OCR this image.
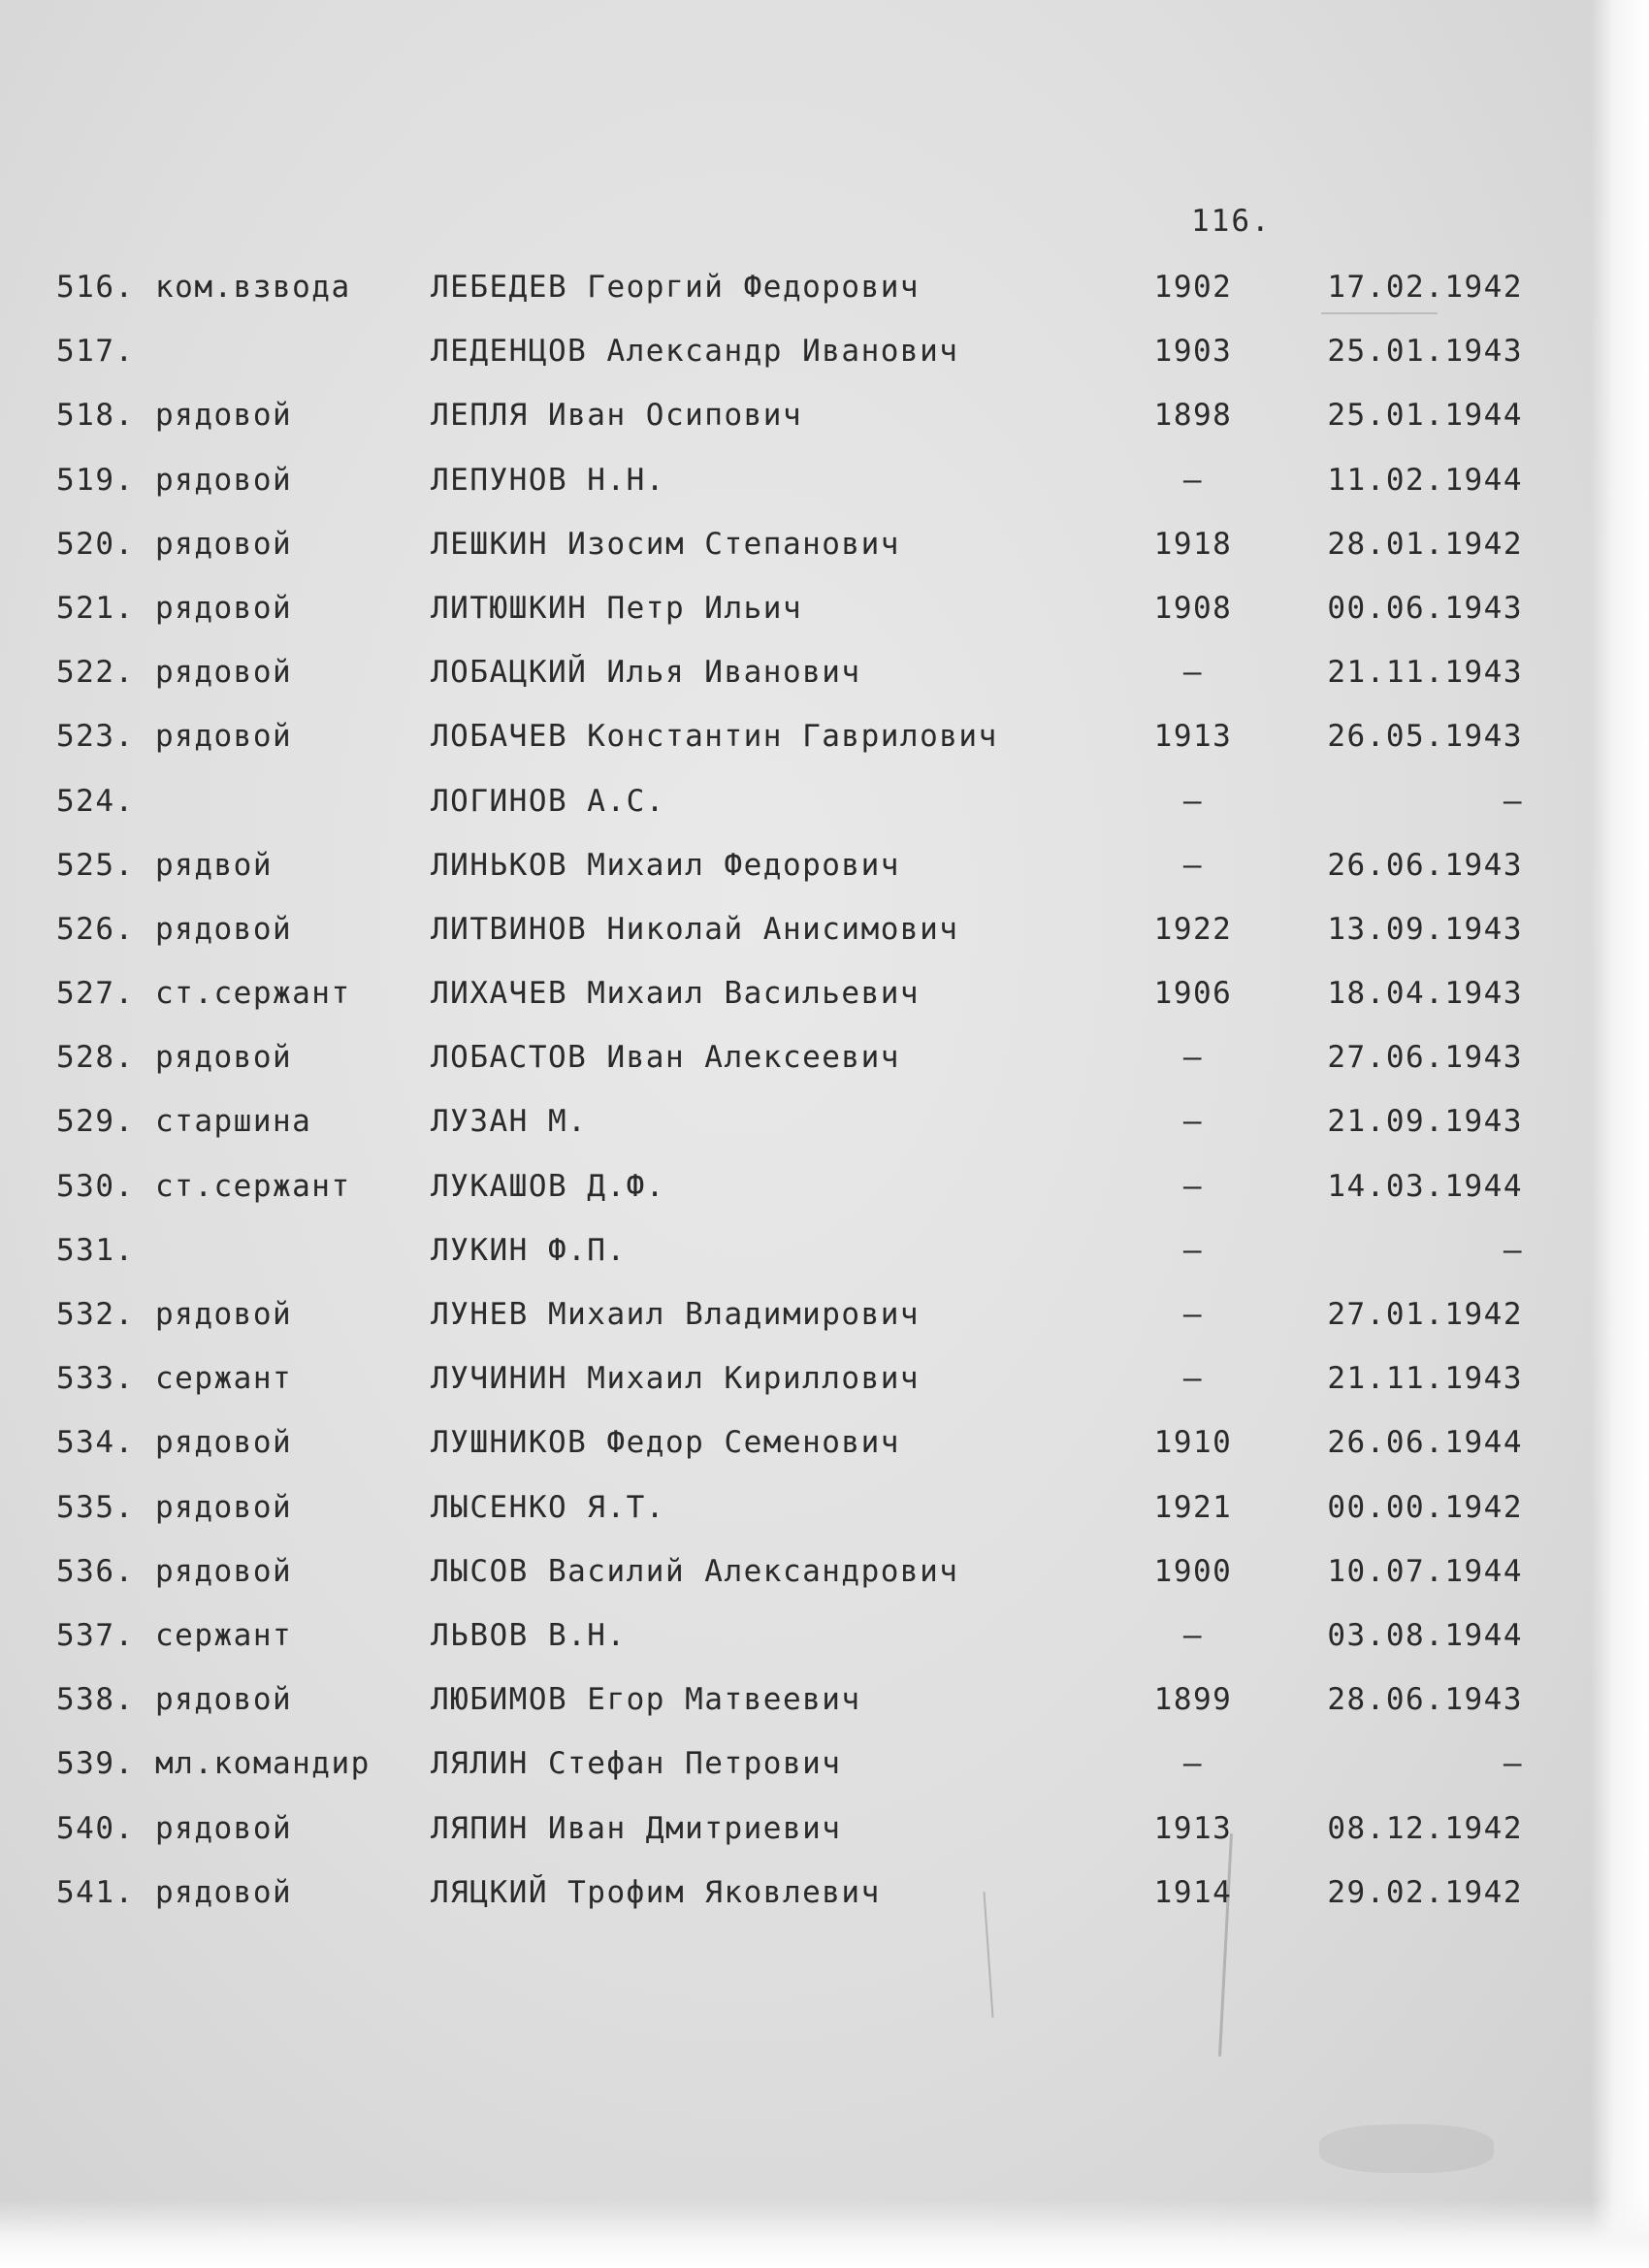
116.
516. ком.взвода	ЛЕБЕДЕВ Георгий Федорович	1902	17.02.1942
517.	ЛЕДЕНЦОВ Александр Иванович	1903	25.01.1943
518. рядовой	ЛЕПЛЯ Иван Осипович	1898	25.01.1944
519. рядовой	ЛЕПУНОВ Н.Н.	–	11.02.1944
520. рядовой	ЛЕШКИН Изосим Степанович	1918	28.01.1942
521. рядовой	ЛИТЮШКИН Петр Ильич	1908	00.06.1943
522. рядовой	ЛОБАЦКИЙ Илья Иванович	–	21.11.1943
523. рядовой	ЛОБАЧЕВ Константин Гаврилович	1913	26.05.1943
524.	ЛОГИНОВ А.С.	–	–
525. рядвой	ЛИНЬКОВ Михаил Федорович	–	26.06.1943
526. рядовой	ЛИТВИНОВ Николай Анисимович	1922	13.09.1943
527. ст.сержант	ЛИХАЧЕВ Михаил Васильевич	1906	18.04.1943
528. рядовой	ЛОБАСТОВ Иван Алексеевич	–	27.06.1943
529. старшина	ЛУЗАН М.	–	21.09.1943
530. ст.сержант	ЛУКАШОВ Д.Ф.	–	14.03.1944
531.	ЛУКИН Ф.П.	–	–
532. рядовой	ЛУНЕВ Михаил Владимирович	–	27.01.1942
533. сержант	ЛУЧИНИН Михаил Кириллович	–	21.11.1943
534. рядовой	ЛУШНИКОВ Федор Семенович	1910	26.06.1944
535. рядовой	ЛЫСЕНКО Я.Т.	1921	00.00.1942
536. рядовой	ЛЫСОВ Василий Александрович	1900	10.07.1944
537. сержант	ЛЬВОВ В.Н.	–	03.08.1944
538. рядовой	ЛЮБИМОВ Егор Матвеевич	1899	28.06.1943
539. мл.командир ЛЯЛИН Стефан Петрович	–	–
540. рядовой	ЛЯПИН Иван Дмитриевич	1913	08.12.1942
541. рядовой	ЛЯЦКИЙ Трофим Яковлевич	1914	29.02.1942
